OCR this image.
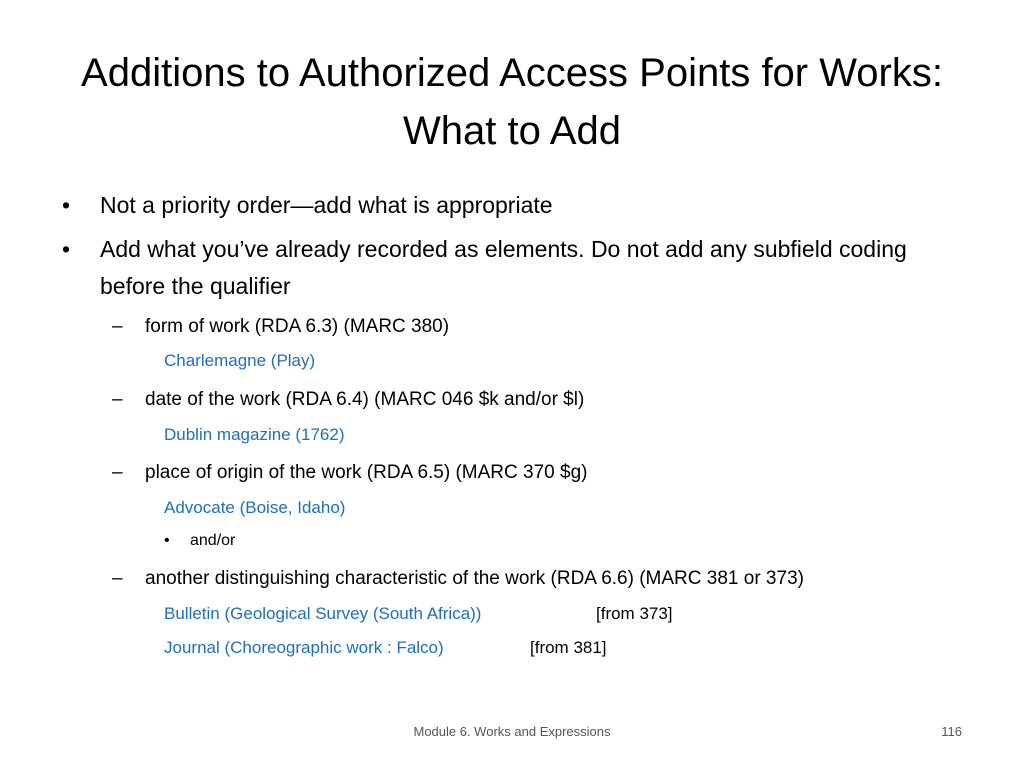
Additions to Authorized Access Points for Works: What to Add
• Not a priority order—add what is appropriate
• Add what you’ve already recorded as elements. Do not add any subfield coding before the qualifier
– form of work (RDA 6.3) (MARC 380)
Charlemagne (Play)
– date of the work (RDA 6.4) (MARC 046 $k and/or $l)
Dublin magazine (1762)
– place of origin of the work (RDA 6.5) (MARC 370 $g)
Advocate (Boise, Idaho)
• and/or
– another distinguishing characteristic of the work (RDA 6.6) (MARC 381 or 373)
Bulletin (Geological Survey (South Africa))	[from 373]
Journal (Choreographic work : Falco)	[from 381]
Module 6. Works and Expressions	116
